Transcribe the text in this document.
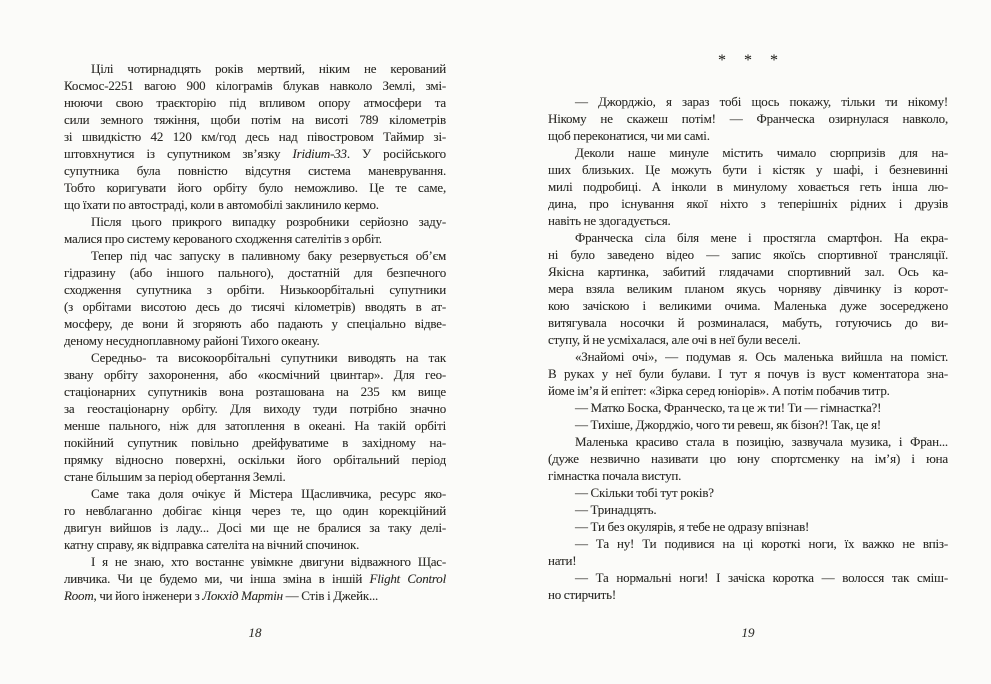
Цілі чотирнадцять років мертвий, ніким не керований
Космос-2251 вагою 900 кілограмів блукав навколо Землі, змі-
нюючи свою траєкторію під впливом опору атмосфери та
сили земного тяжіння, щоби потім на висоті 789 кілометрів
зі швидкістю 42 120 км/год десь над півостровом Таймир зі-
штовхнутися із супутником зв’язку Iridium-33. У російського
супутника була повністю відсутня система маневрування.
Тобто коригувати його орбіту було неможливо. Це те саме,
що їхати по автостраді, коли в автомобілі заклинило кермо.
Після цього прикрого випадку розробники серйозно заду-
малися про систему керованого сходження сателітів з орбіт.
Тепер під час запуску в паливному баку резервується об’єм
гідразину (або іншого пального), достатній для безпечного
сходження супутника з орбіти. Низькоорбітальні супутники
(з орбітами висотою десь до тисячі кілометрів) вводять в ат-
мосферу, де вони й згоряють або падають у спеціально відве-
деному несудноплавному районі Тихого океану.
Середньо- та високоорбітальні супутники виводять на так
звану орбіту захоронення, або «космічний цвинтар». Для гео-
стаціонарних супутників вона розташована на 235 км вище
за геостаціонарну орбіту. Для виходу туди потрібно значно
менше пального, ніж для затоплення в океані. На такій орбіті
покійний супутник повільно дрейфуватиме в західному на-
прямку відносно поверхні, оскільки його орбітальний період
стане більшим за період обертання Землі.
Саме така доля очікує й Містера Щасливчика, ресурс яко-
го невблаганно добігає кінця через те, що один корекційний
двигун вийшов із ладу... Досі ми ще не бралися за таку делі-
катну справу, як відправка сателіта на вічний спочинок.
І я не знаю, хто востаннє увімкне двигуни відважного Щас-
ливчика. Чи це будемо ми, чи інша зміна в іншій Flight Control
Room, чи його інженери з Локхід Мартін — Стів і Джейк...
* * *
— Джорджіо, я зараз тобі щось покажу, тільки ти нікому!
Нікому не скажеш потім! — Франческа озирнулася навколо,
щоб переконатися, чи ми самі.
Деколи наше минуле містить чимало сюрпризів для на-
ших близьких. Це можуть бути і кістяк у шафі, і безневинні
милі подробиці. А інколи в минулому ховається геть інша лю-
дина, про існування якої ніхто з теперішніх рідних і друзів
навіть не здогадується.
Франческа сіла біля мене і простягла смартфон. На екра-
ні було заведено відео — запис якоїсь спортивної трансляції.
Якісна картинка, забитий глядачами спортивний зал. Ось ка-
мера взяла великим планом якусь чорняву дівчинку із корот-
кою зачіскою і великими очима. Маленька дуже зосереджено
витягувала носочки й розминалася, мабуть, готуючись до ви-
ступу, й не усміхалася, але очі в неї були веселі.
«Знайомі очі», — подумав я. Ось маленька вийшла на поміст.
В руках у неї були булави. І тут я почув із вуст коментатора зна-
йоме ім’я й епітет: «Зірка серед юніорів». А потім побачив титр.
— Матко Боска, Франческо, та це ж ти! Ти — гімнастка?!
— Тихіше, Джорджіо, чого ти ревеш, як бізон?! Так, це я!
Маленька красиво стала в позицію, зазвучала музика, і Фран...
(дуже незвично називати цю юну спортсменку на ім’я) і юна
гімнастка почала виступ.
— Скільки тобі тут років?
— Тринадцять.
— Ти без окулярів, я тебе не одразу впізнав!
— Та ну! Ти подивися на ці короткі ноги, їх важко не впіз-
нати!
— Та нормальні ноги! І зачіска коротка — волосся так сміш-
но стирчить!
18	19
